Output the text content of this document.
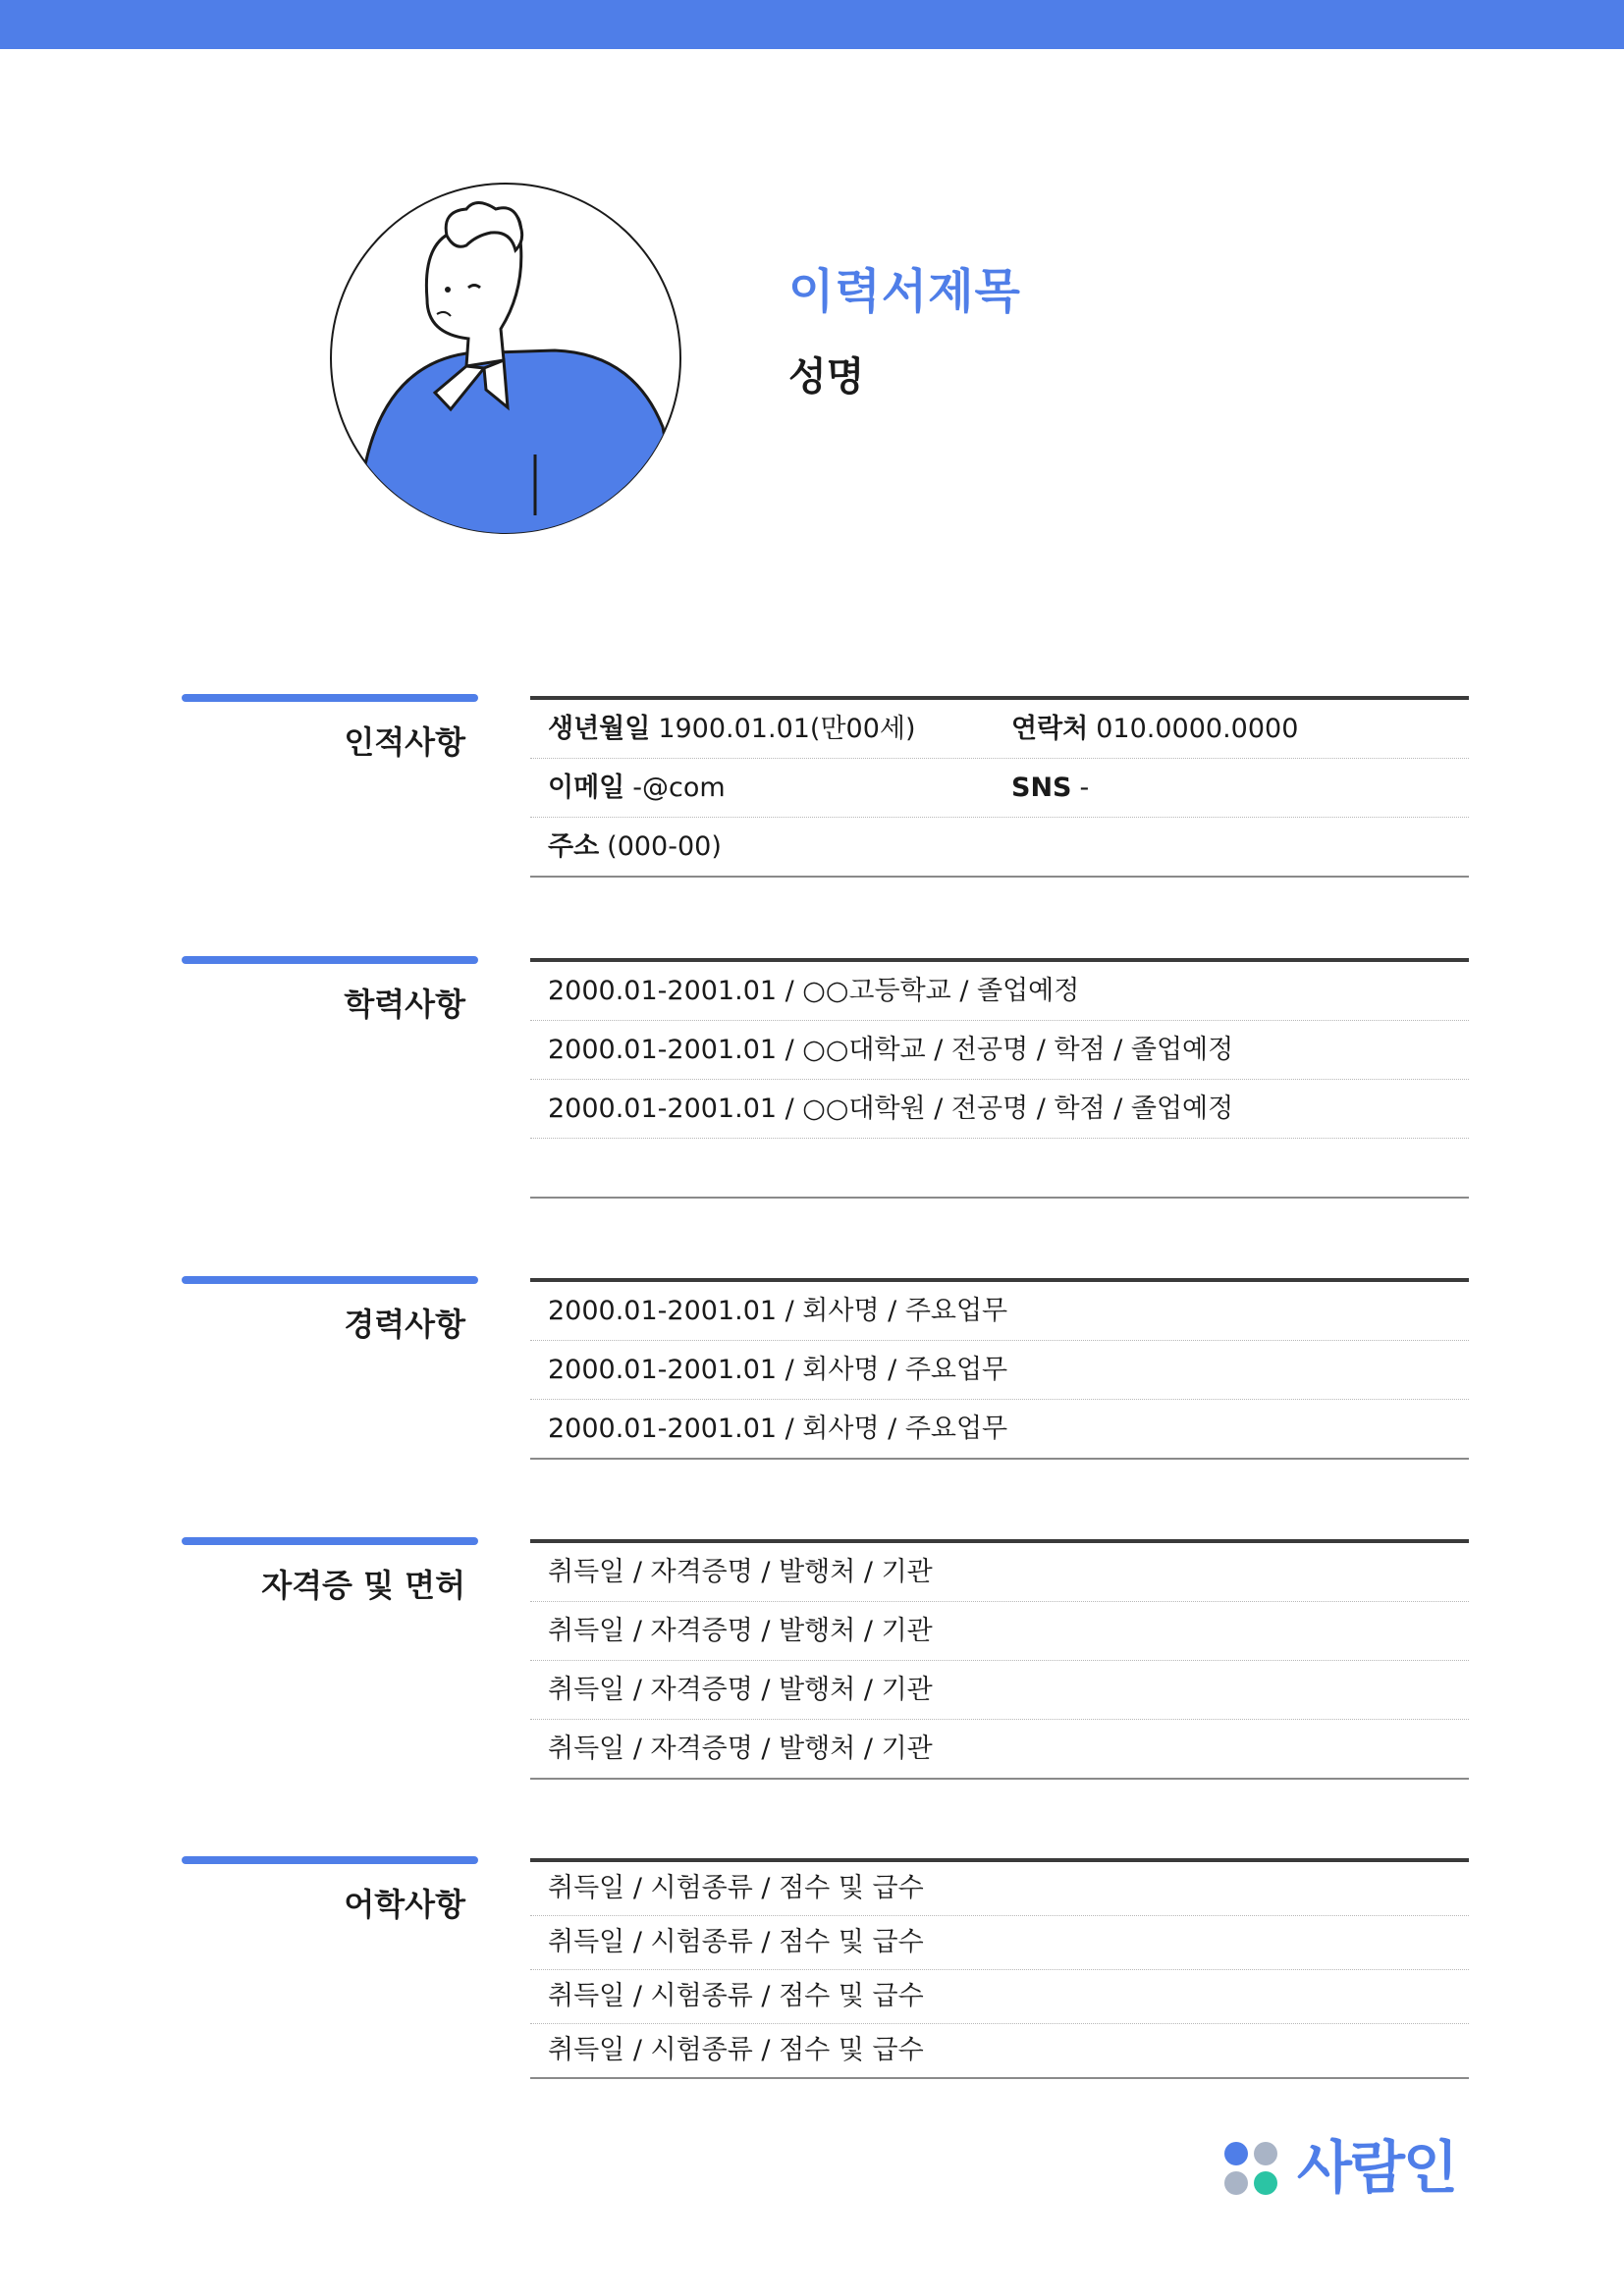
이력서제목
성명
인적사항	생년월일 1900.01.01(만00세)	연락처 010.0000.0000
이메일 -@com	SNS -
주소 (000-00)
학력사항	2000.01-2001.01 / ○○고등학교 / 졸업예정
2000.01-2001.01 / ○○대학교 / 전공명 / 학점 / 졸업예정
2000.01-2001.01 / ○○대학원 / 전공명 / 학점 / 졸업예정
경력사항	2000.01-2001.01 / 회사명 / 주요업무
2000.01-2001.01 / 회사명 / 주요업무
2000.01-2001.01 / 회사명 / 주요업무
자격증 및 면허	취득일 / 자격증명 / 발행처 / 기관
취득일 / 자격증명 / 발행처 / 기관
취득일 / 자격증명 / 발행처 / 기관
취득일 / 자격증명 / 발행처 / 기관
어학사항	취득일 / 시험종류 / 점수 및 급수
취득일 / 시험종류 / 점수 및 급수
취득일 / 시험종류 / 점수 및 급수
취득일 / 시험종류 / 점수 및 급수
사람인
